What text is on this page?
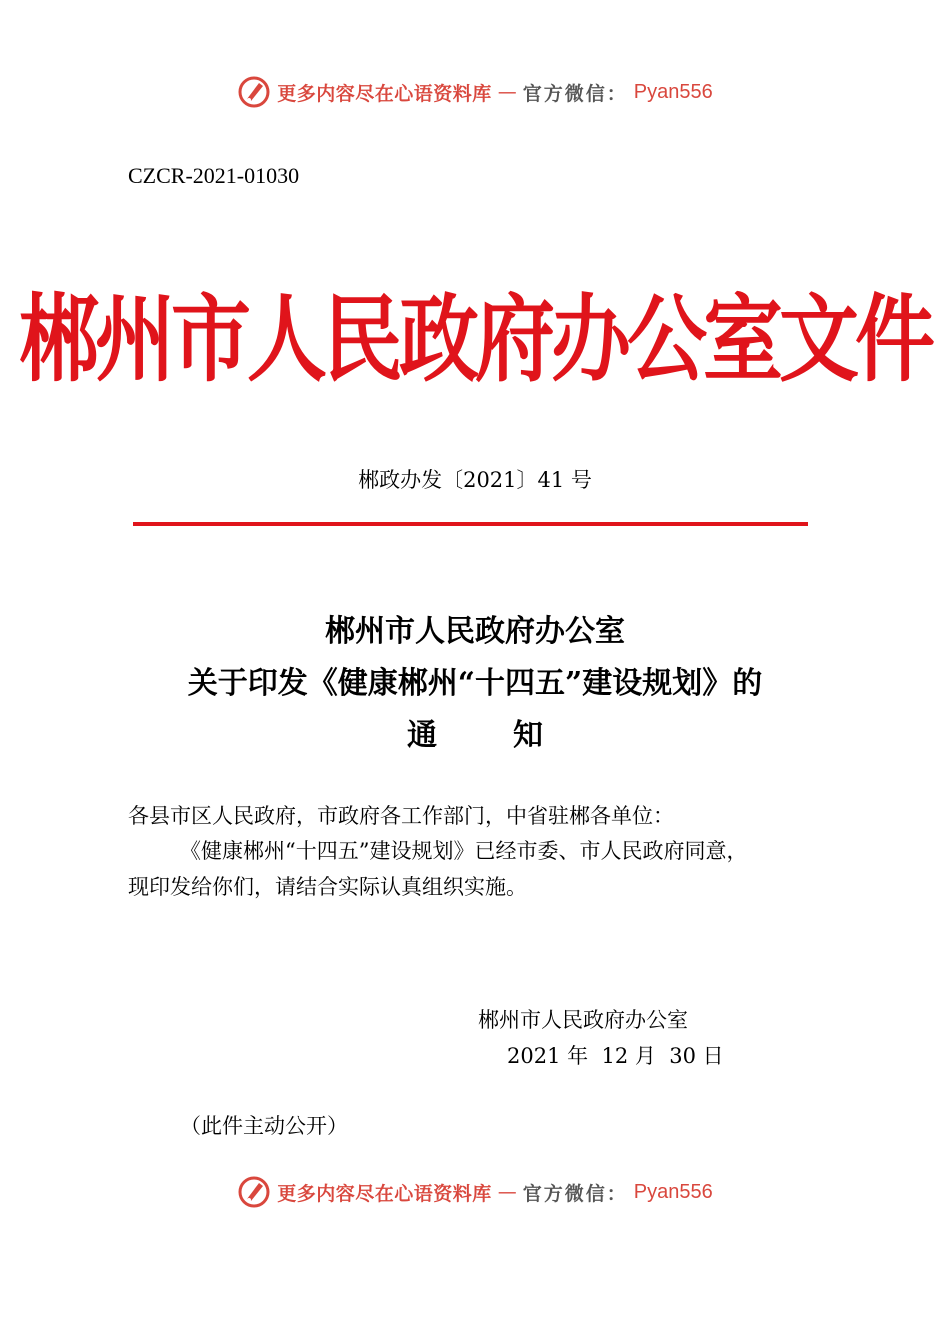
更多内容尽在心语资料库 — 官方微信： Pyan556
CZCR-2021-01030
郴州市人民政府办公室文件
郴政办发〔2021〕41 号
郴州市人民政府办公室
关于印发《健康郴州“十四五”建设规划》的
通	知
各县市区人民政府，市政府各工作部门，中省驻郴各单位：
《健康郴州“十四五”建设规划》已经市委、市人民政府同意，
现印发给你们，请结合实际认真组织实施。
郴州市人民政府办公室
2021 年  12 月  30 日
（此件主动公开）
更多内容尽在心语资料库 — 官方微信： Pyan556
